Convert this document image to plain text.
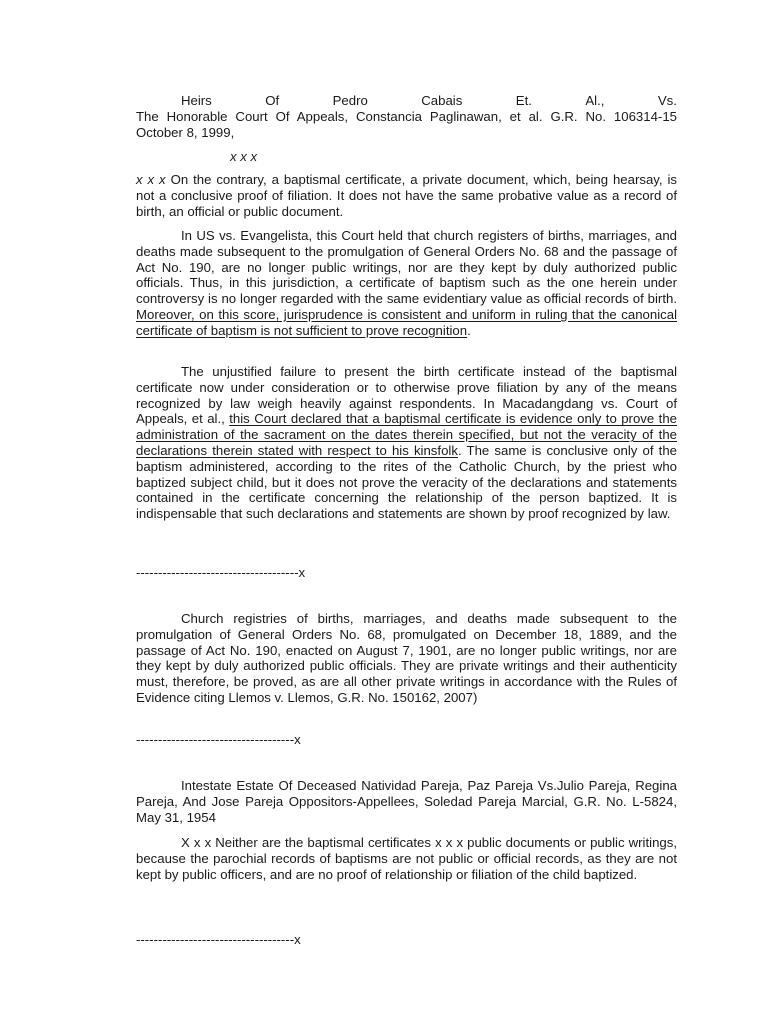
Heirs	Of	Pedro	Cabais	Et.	Al.,	Vs.

The Honorable Court Of Appeals, Constancia Paglinawan, et al. G.R. No. 106314-15 October 8, 1999,

x x x

x x x On the contrary, a baptismal certificate, a private document, which, being hearsay, is not a conclusive proof of filiation. It does not have the same probative value as a record of birth, an official or public document.

In US vs. Evangelista, this Court held that church registers of births, marriages, and deaths made subsequent to the promulgation of General Orders No. 68 and the passage of Act No. 190, are no longer public writings, nor are they kept by duly authorized public officials. Thus, in this jurisdiction, a certificate of baptism such as the one herein under controversy is no longer regarded with the same evidentiary value as official records of birth. Moreover, on this score, jurisprudence is consistent and uniform in ruling that the canonical certificate of baptism is not sufficient to prove recognition.

The unjustified failure to present the birth certificate instead of the baptismal certificate now under consideration or to otherwise prove filiation by any of the means recognized by law weigh heavily against respondents. In Macadangdang vs. Court of Appeals, et al., this Court declared that a baptismal certificate is evidence only to prove the administration of the sacrament on the dates therein specified, but not the veracity of the declarations therein stated with respect to his kinsfolk. The same is conclusive only of the baptism administered, according to the rites of the Catholic Church, by the priest who baptized subject child, but it does not prove the veracity of the declarations and statements contained in the certificate concerning the relationship of the person baptized. It is indispensable that such declarations and statements are shown by proof recognized by law.

-------------------------------------x

Church registries of births, marriages, and deaths made subsequent to the promulgation of General Orders No. 68, promulgated on December 18, 1889, and the passage of Act No. 190, enacted on August 7, 1901, are no longer public writings, nor are they kept by duly authorized public officials. They are private writings and their authenticity must, therefore, be proved, as are all other private writings in accordance with the Rules of Evidence citing Llemos v. Llemos, G.R. No. 150162, 2007)

------------------------------------x

Intestate Estate Of Deceased Natividad Pareja, Paz Pareja Vs.Julio Pareja, Regina Pareja, And Jose Pareja Oppositors-Appellees, Soledad Pareja Marcial, G.R. No. L-5824, May 31, 1954

X x x Neither are the baptismal certificates x x x public documents or public writings, because the parochial records of baptisms are not public or official records, as they are not kept by public officers, and are no proof of relationship or filiation of the child baptized.

------------------------------------x
